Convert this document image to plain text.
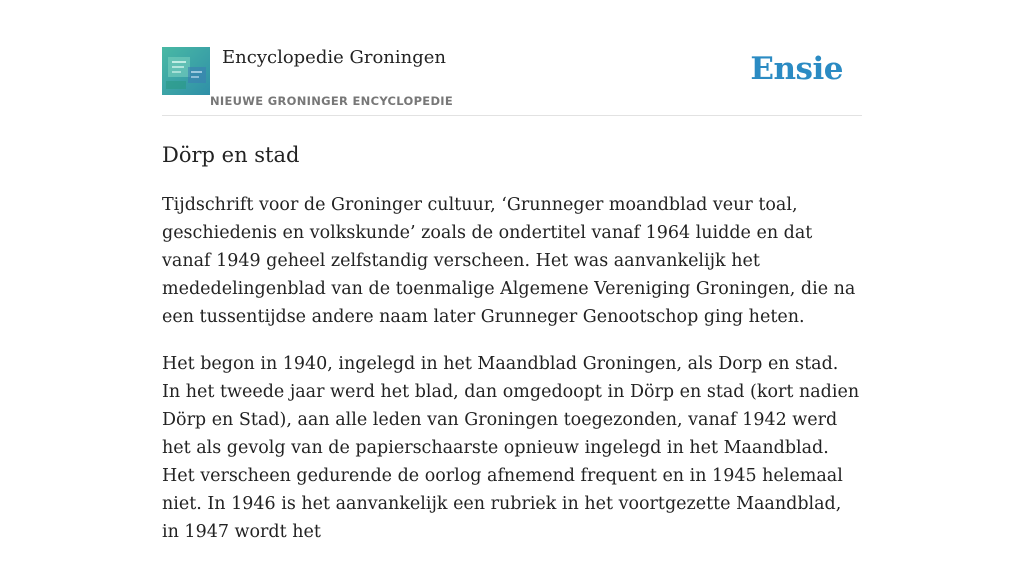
Encyclopedie Groningen
NIEUWE GRONINGER ENCYCLOPEDIE
Ensie
Dörp en stad

Tijdschrift voor de Groninger cultuur, ‘Grunneger moandblad veur toal, geschiedenis en volkskunde’ zoals de ondertitel vanaf 1964 luidde en dat vanaf 1949 geheel zelfstandig verscheen. Het was aanvankelijk het mededelingenblad van de toenmalige Algemene Vereniging Groningen, die na een tussentijdse andere naam later Grunneger Genootschop ging heten.

Het begon in 1940, ingelegd in het Maandblad Groningen, als Dorp en stad. In het tweede jaar werd het blad, dan omgedoopt in Dörp en stad (kort nadien Dörp en Stad), aan alle leden van Groningen toegezonden, vanaf 1942 werd het als gevolg van de papierschaarste opnieuw ingelegd in het Maandblad. Het verscheen gedurende de oorlog afnemend frequent en in 1945 helemaal niet. In 1946 is het aanvankelijk een rubriek in het voortgezette Maandblad, in 1947 wordt het
